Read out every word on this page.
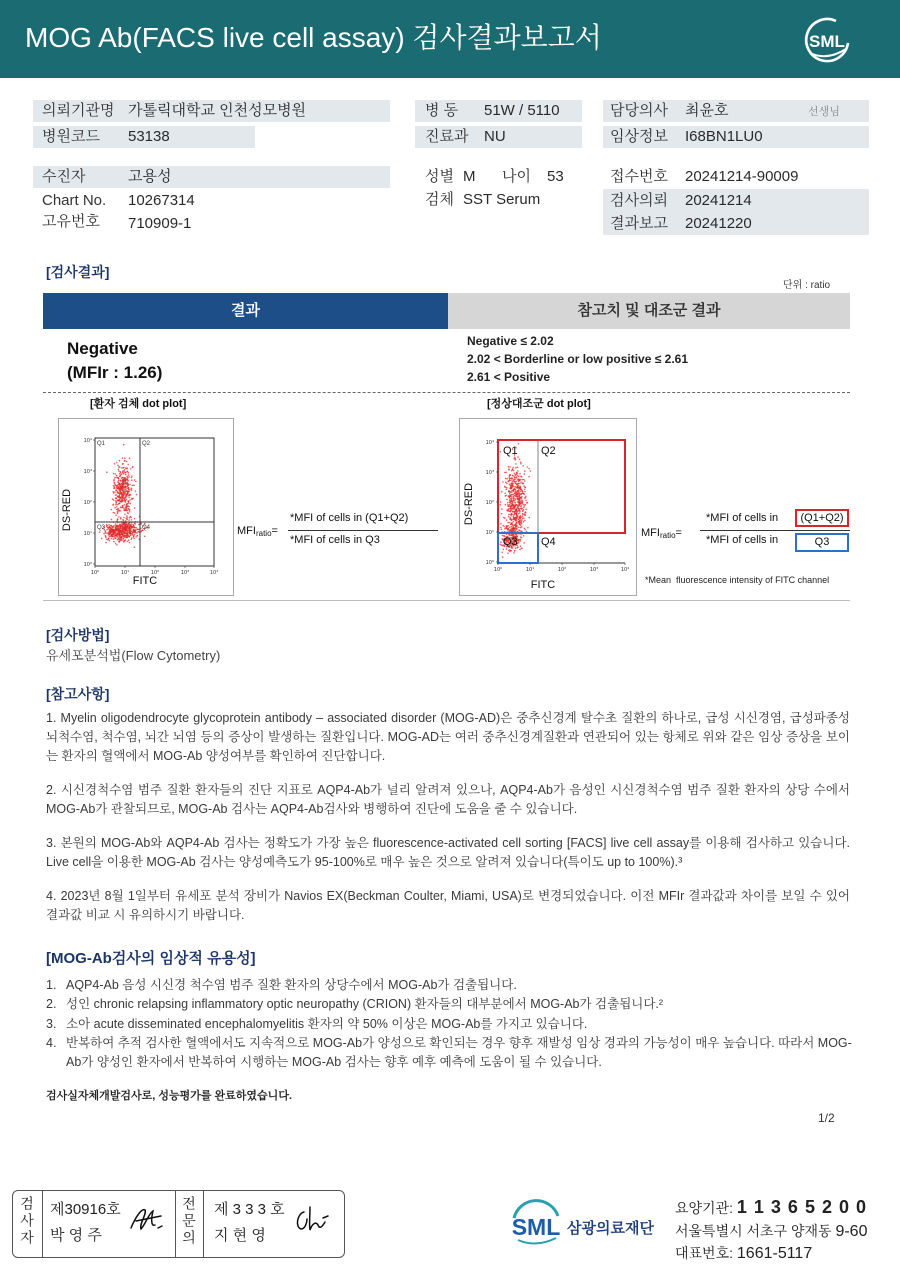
MOG Ab(FACS live cell assay) 검사결과보고서	SML
의뢰기관명 가톨릭대학교 인천성모병원	병 동 51W / 5110	담당의사 최윤호	선생님
병원코드 53138	진료과 NU	임상정보 I68BN1LU0
수진자	고용성	성별 M 나이 53	접수번호 20241214-90009
Chart No. 10267314	검체 SST Serum	검사의뢰 20241214
고유번호 710909-1	결과보고 20241220
[검사결과]
단위 : ratio
결과	참고치 및 대조군 결과
Negative
(MFIr : 1.26)
Negative ≤ 2.02
2.02 < Borderline or low positive ≤ 2.61
2.61 < Positive
[환자 검체 dot plot]	[정상대조군 dot plot]
Q1	Q2
Q3	Q4
DS-RED
FITC
10⁴
10³
10²
10¹
10⁰
10⁰	10¹	10²	10³	10⁴
$MFI_{ratio}=$
*MFI of cells in (Q1+Q2)
*MFI of cells in Q3
Q1 Q2
Q3 Q4
DS-RED
FITC
10⁴
10³
10²
10¹
10⁰
10⁰	10¹	10²	10³	10⁴
$MFI_{ratio}=$
*MFI of cells in	(Q1+Q2)
*MFI of cells in	Q3
*Mean  fluorescence intensity of FITC channel
[검사방법]
유세포분석법(Flow Cytometry)
[참고사항]

1. Myelin oligodendrocyte glycoprotein antibody – associated disorder (MOG-AD)은 중추신경계 탈수초 질환의 하나로, 급성 시신경염, 급성파종성 뇌척수염, 척수염, 뇌간 뇌염 등의 증상이 발생하는 질환입니다. MOG-AD는 여러 중추신경계질환과 연관되어 있는 항체로 위와 같은 임상 증상을 보이는 환자의 혈액에서 MOG-Ab 양성여부를 확인하여 진단합니다.

2. 시신경척수염 범주 질환 환자들의 진단 지표로 AQP4-Ab가 널리 알려져 있으나, AQP4-Ab가 음성인 시신경척수염 범주 질환 환자의 상당 수에서 MOG-Ab가 관찰되므로, MOG-Ab 검사는 AQP4-Ab검사와 병행하여 진단에 도움을 줄 수 있습니다.

3. 본원의 MOG-Ab와 AQP4-Ab 검사는 정확도가 가장 높은 fluorescence-activated cell sorting [FACS] live cell assay를 이용해 검사하고 있습니다. Live cell을 이용한 MOG-Ab 검사는 양성예측도가 95-100%로 매우 높은 것으로 알려져 있습니다(특이도 up to 100%).³

4. 2023년 8월 1일부터 유세포 분석 장비가 Navios EX(Beckman Coulter, Miami, USA)로 변경되었습니다. 이전 MFIr 결과값과 차이를 보일 수 있어 결과값 비교 시 유의하시기 바랍니다.

[MOG-Ab검사의 임상적 유용성]
1. AQP4-Ab 음성 시신경 척수염 범주 질환 환자의 상당수에서 MOG-Ab가 검출됩니다.
2. 성인 chronic relapsing inflammatory optic neuropathy (CRION) 환자들의 대부분에서 MOG-Ab가 검출됩니다.²
3. 소아 acute disseminated encephalomyelitis 환자의 약 50% 이상은 MOG-Ab를 가지고 있습니다.
4. 반복하여 추적 검사한 혈액에서도 지속적으로 MOG-Ab가 양성으로 확인되는 경우 향후 재발성 임상 경과의 가능성이 매우 높습니다. 따라서 MOG-Ab가 양성인 환자에서 반복하여 시행하는 MOG-Ab 검사는 향후 예후 예측에 도움이 될 수 있습니다.
검사실자체개발검사로, 성능평가를 완료하였습니다.
1/2
검사자 제30916호
박 영 주	전문의 제 3 3 3 호
지 현 영	SML 삼광의료재단
요양기관: 1 1 3 6 5 2 0 0
서울특별시 서초구 양재동 9-60
대표번호: 1661-5117
